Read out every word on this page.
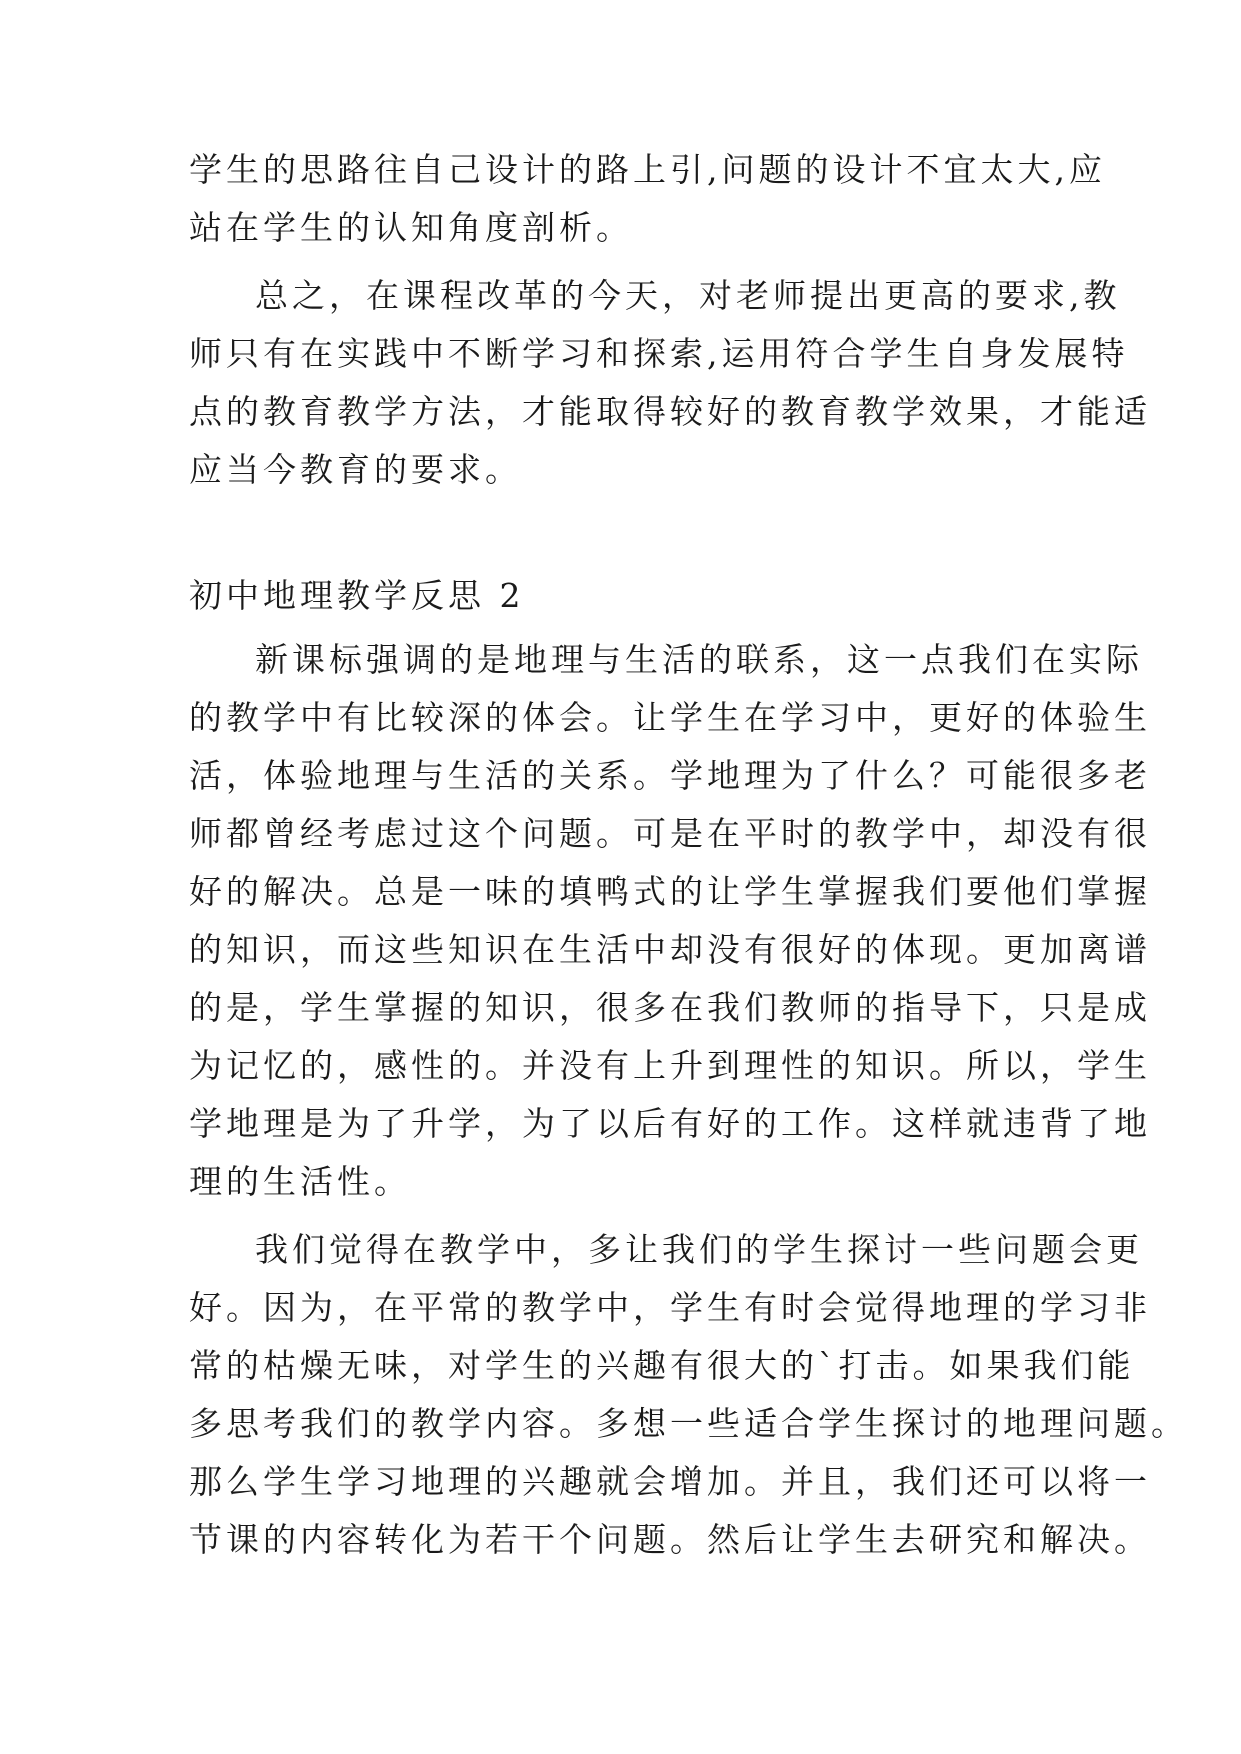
学生的思路往自己设计的路上引,问题的设计不宜太大,应
站在学生的认知角度剖析。
总之，在课程改革的今天，对老师提出更高的要求,教
师只有在实践中不断学习和探索,运用符合学生自身发展特
点的教育教学方法，才能取得较好的教育教学效果，才能适
应当今教育的要求。
初中地理教学反思 2
新课标强调的是地理与生活的联系，这一点我们在实际
的教学中有比较深的体会。让学生在学习中，更好的体验生
活，体验地理与生活的关系。学地理为了什么？可能很多老
师都曾经考虑过这个问题。可是在平时的教学中，却没有很
好的解决。总是一味的填鸭式的让学生掌握我们要他们掌握
的知识，而这些知识在生活中却没有很好的体现。更加离谱
的是，学生掌握的知识，很多在我们教师的指导下，只是成
为记忆的，感性的。并没有上升到理性的知识。所以，学生
学地理是为了升学，为了以后有好的工作。这样就违背了地
理的生活性。
我们觉得在教学中，多让我们的学生探讨一些问题会更
好。因为，在平常的教学中，学生有时会觉得地理的学习非
常的枯燥无味，对学生的兴趣有很大的`打击。如果我们能
多思考我们的教学内容。多想一些适合学生探讨的地理问题。
那么学生学习地理的兴趣就会增加。并且，我们还可以将一
节课的内容转化为若干个问题。然后让学生去研究和解决。
